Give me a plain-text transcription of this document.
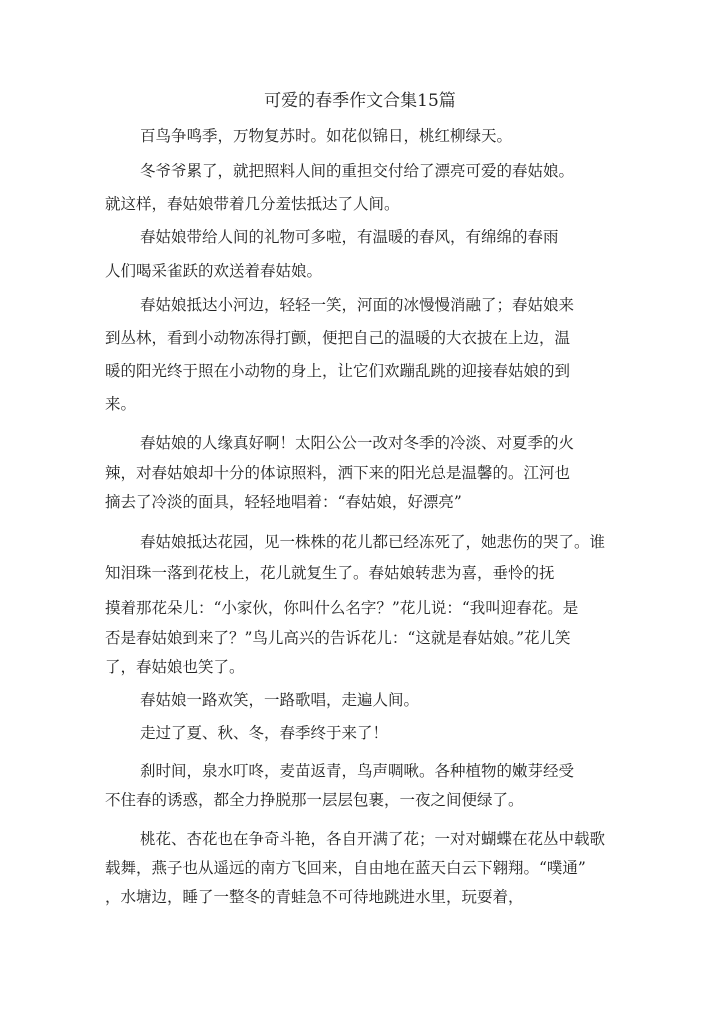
可爱的春季作文合集15篇
百鸟争鸣季，万物复苏时。如花似锦日，桃红柳绿天。
冬爷爷累了，就把照料人间的重担交付给了漂亮可爱的春姑娘。
就这样，春姑娘带着几分羞怯抵达了人间。
春姑娘带给人间的礼物可多啦，有温暖的春风，有绵绵的春雨
人们喝采雀跃的欢送着春姑娘。
春姑娘抵达小河边，轻轻一笑，河面的冰慢慢消融了；春姑娘来
到丛林，看到小动物冻得打颤，便把自己的温暖的大衣披在上边，温
暖的阳光终于照在小动物的身上，让它们欢蹦乱跳的迎接春姑娘的到
来。
春姑娘的人缘真好啊！太阳公公一改对冬季的冷淡、对夏季的火
辣，对春姑娘却十分的体谅照料，洒下来的阳光总是温馨的。江河也
摘去了冷淡的面具，轻轻地唱着：“春姑娘，好漂亮”
春姑娘抵达花园，见一株株的花儿都已经冻死了，她悲伤的哭了。谁
知泪珠一落到花枝上，花儿就复生了。春姑娘转悲为喜，垂怜的抚
摸着那花朵儿：“小家伙，你叫什么名字？”花儿说：“我叫迎春花。是
否是春姑娘到来了？”鸟儿高兴的告诉花儿：“这就是春姑娘。”花儿笑
了，春姑娘也笑了。
春姑娘一路欢笑，一路歌唱，走遍人间。
走过了夏、秋、冬，春季终于来了！
刹时间，泉水叮咚，麦苗返青，鸟声啁啾。各种植物的嫩芽经受
不住春的诱惑，都全力挣脱那一层层包裹，一夜之间便绿了。
桃花、杏花也在争奇斗艳，各自开满了花；一对对蝴蝶在花丛中载歌
载舞，燕子也从遥远的南方飞回来，自由地在蓝天白云下翱翔。“噗通”
，水塘边，睡了一整冬的青蛙急不可待地跳进水里，玩耍着，
